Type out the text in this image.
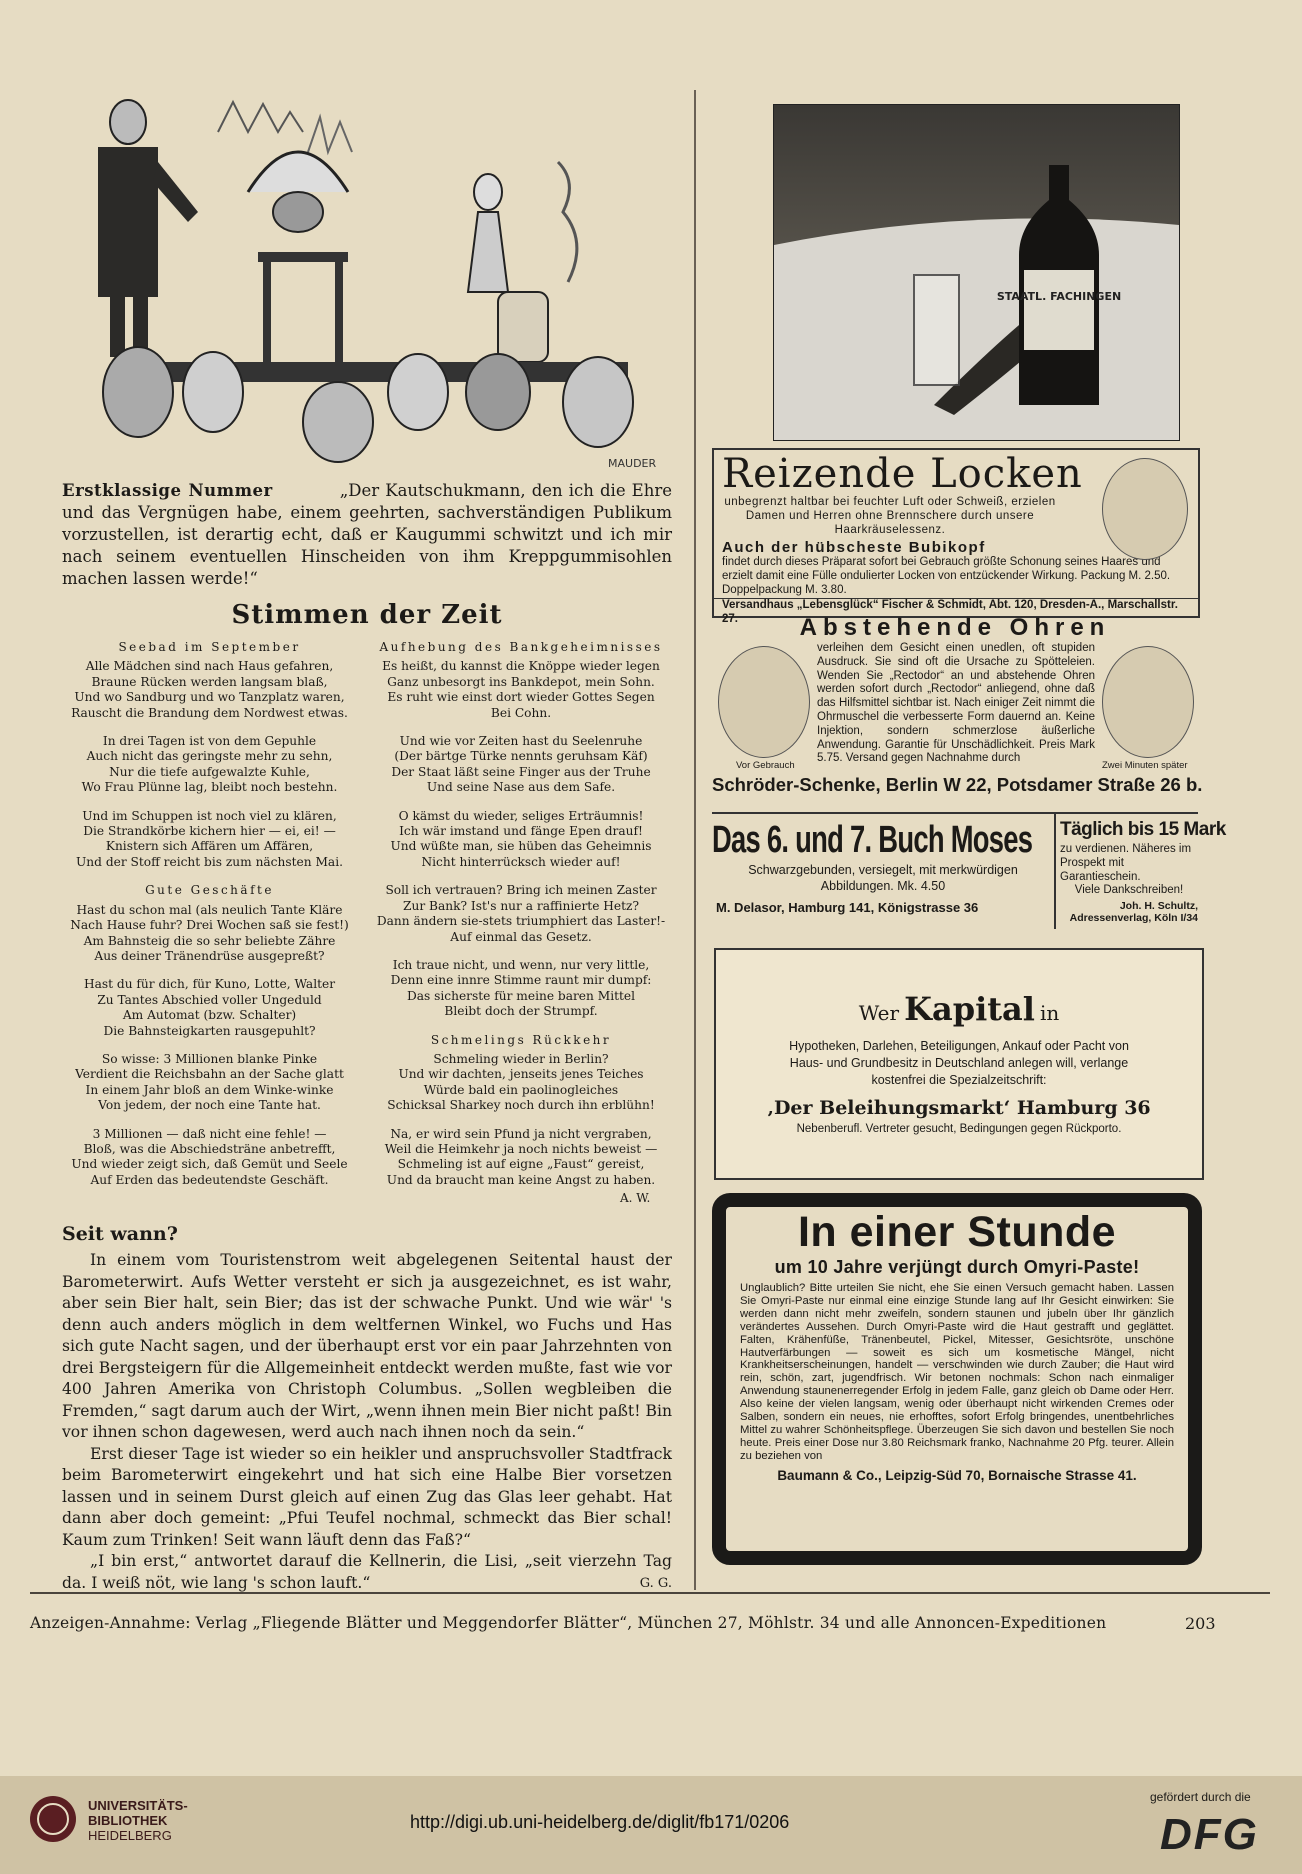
MAUDER
Erstklassige Nummer	„Der Kautschukmann, den ich die Ehre und das Vergnügen habe, einem geehrten, sachverständigen Publikum vorzustellen, ist derartig echt, daß er Kaugummi schwitzt und ich mir nach seinem eventuellen Hinscheiden von ihm Kreppgummisohlen machen lassen werde!“
Stimmen der Zeit
Seebad im September
Alle Mädchen sind nach Haus gefahren,
Braune Rücken werden langsam blaß,
Und wo Sandburg und wo Tanzplatz waren,
Rauscht die Brandung dem Nordwest etwas.
In drei Tagen ist von dem Gepuhle
Auch nicht das geringste mehr zu sehn,
Nur die tiefe aufgewalzte Kuhle,
Wo Frau Plünne lag, bleibt noch bestehn.
Und im Schuppen ist noch viel zu klären,
Die Strandkörbe kichern hier — ei, ei! —
Knistern sich Affären um Affären,
Und der Stoff reicht bis zum nächsten Mai.
Gute Geschäfte
Hast du schon mal (als neulich Tante Kläre
Nach Hause fuhr? Drei Wochen saß sie fest!)
Am Bahnsteig die so sehr beliebte Zähre
Aus deiner Tränendrüse ausgepreßt?
Hast du für dich, für Kuno, Lotte, Walter
Zu Tantes Abschied voller Ungeduld
Am Automat (bzw. Schalter)
Die Bahnsteigkarten rausgepuhlt?
So wisse: 3 Millionen blanke Pinke
Verdient die Reichsbahn an der Sache glatt
In einem Jahr bloß an dem Winke-winke
Von jedem, der noch eine Tante hat.
3 Millionen — daß nicht eine fehle! —
Bloß, was die Abschiedsträne anbetrefft,
Und wieder zeigt sich, daß Gemüt und Seele
Auf Erden das bedeutendste Geschäft.
Aufhebung des Bankgeheimnisses
Es heißt, du kannst die Knöppe wieder legen
Ganz unbesorgt ins Bankdepot, mein Sohn.
Es ruht wie einst dort wieder Gottes Segen
Bei Cohn.
Und wie vor Zeiten hast du Seelenruhe
(Der bärtge Türke nennts geruhsam Käf)
Der Staat läßt seine Finger aus der Truhe
Und seine Nase aus dem Safe.
O kämst du wieder, seliges Erträumnis!
Ich wär imstand und fänge Epen drauf!
Und wüßte man, sie hüben das Geheimnis
Nicht hinterrücksch wieder auf!
Soll ich vertrauen? Bring ich meinen Zaster
Zur Bank? Ist's nur a raffinierte Hetz?
Dann ändern sie-stets triumphiert das Laster!-
Auf einmal das Gesetz.
Ich traue nicht, und wenn, nur very little,
Denn eine innre Stimme raunt mir dumpf:
Das sicherste für meine baren Mittel
Bleibt doch der Strumpf.
Schmelings Rückkehr
Schmeling wieder in Berlin?
Und wir dachten, jenseits jenes Teiches
Würde bald ein paolinogleiches
Schicksal Sharkey noch durch ihn erblühn!
Na, er wird sein Pfund ja nicht vergraben,
Weil die Heimkehr ja noch nichts beweist —
Schmeling ist auf eigne „Faust“ gereist,
Und da braucht man keine Angst zu haben.
A. W.
Seit wann?

In einem vom Touristenstrom weit abgelegenen Seitental haust der Barometerwirt. Aufs Wetter versteht er sich ja ausgezeichnet, es ist wahr, aber sein Bier halt, sein Bier; das ist der schwache Punkt. Und wie wär' 's denn auch anders möglich in dem weltfernen Winkel, wo Fuchs und Has sich gute Nacht sagen, und der überhaupt erst vor ein paar Jahrzehnten von drei Bergsteigern für die Allgemeinheit entdeckt werden mußte, fast wie vor 400 Jahren Amerika von Christoph Columbus. „Sollen wegbleiben die Fremden,“ sagt darum auch der Wirt, „wenn ihnen mein Bier nicht paßt! Bin vor ihnen schon dagewesen, werd auch nach ihnen noch da sein.“

Erst dieser Tage ist wieder so ein heikler und anspruchsvoller Stadtfrack beim Barometerwirt eingekehrt und hat sich eine Halbe Bier vorsetzen lassen und in seinem Durst gleich auf einen Zug das Glas leer gehabt. Hat dann aber doch gemeint: „Pfui Teufel nochmal, schmeckt das Bier schal! Kaum zum Trinken! Seit wann läuft denn das Faß?“

„I bin erst,“ antwortet darauf die Kellnerin, die Lisi, „seit vierzehn Tag da. I weiß nöt, wie lang 's schon lauft.“	G. G.

STAATL. FACHINGEN
Reizende Locken
unbegrenzt haltbar bei feuchter Luft oder Schweiß, erzielen Damen und Herren ohne Brennschere durch unsere Haarkräuselessenz.
Auch der hübscheste Bubikopf
findet durch dieses Präparat sofort bei Gebrauch größte Schonung seines Haares und erzielt damit eine Fülle ondulierter Locken von entzückender Wirkung. Packung M. 2.50. Doppelpackung M. 3.80.
Versandhaus „Lebensglück“ Fischer & Schmidt, Abt. 120, Dresden-A., Marschallstr. 27.	Abstehende Ohren
verleihen dem Gesicht einen unedlen, oft stupiden Ausdruck. Sie sind oft die Ursache zu Spötteleien. Wenden Sie „Rectodor“ an und abstehende Ohren werden sofort durch „Rectodor“ anliegend, ohne daß das Hilfsmittel sichtbar ist. Nach einiger Zeit nimmt die Ohrmuschel die verbesserte Form dauernd an. Keine Injektion, sondern schmerzlose äußerliche Anwendung. Garantie für Unschädlichkeit. Preis Mark 5.75. Versand gegen Nachnahme durch
Vor Gebrauch	Zwei Minuten später
Schröder-Schenke, Berlin W 22, Potsdamer Straße 26 b.
Das 6. und 7. Buch Moses
Schwarzgebunden, versiegelt, mit merkwürdigen Abbildungen. Mk. 4.50
M. Delasor, Hamburg 141, Königstrasse 36
Täglich bis 15 Mark
zu verdienen. Näheres im Prospekt mit Garantieschein.
Viele Dankschreiben!
Joh. H. Schultz, Adressenverlag, Köln I/34
Wer Kapital in
Hypotheken, Darlehen, Beteiligungen, Ankauf oder Pacht von Haus- und Grundbesitz in Deutschland anlegen will, verlange kostenfrei die Spezialzeitschrift:
‚Der Beleihungsmarkt‘ Hamburg 36
Nebenberufl. Vertreter gesucht, Bedingungen gegen Rückporto.
In einer Stunde
um 10 Jahre verjüngt durch Omyri-Paste!
Unglaublich? Bitte urteilen Sie nicht, ehe Sie einen Versuch gemacht haben. Lassen Sie Omyri-Paste nur einmal eine einzige Stunde lang auf Ihr Gesicht einwirken: Sie werden dann nicht mehr zweifeln, sondern staunen und jubeln über Ihr gänzlich verändertes Aussehen. Durch Omyri-Paste wird die Haut gestrafft und geglättet. Falten, Krähenfüße, Tränenbeutel, Pickel, Mitesser, Gesichtsröte, unschöne Hautverfärbungen — soweit es sich um kosmetische Mängel, nicht Krankheitserscheinungen, handelt — verschwinden wie durch Zauber; die Haut wird rein, schön, zart, jugendfrisch. Wir betonen nochmals: Schon nach einmaliger Anwendung staunenerregender Erfolg in jedem Falle, ganz gleich ob Dame oder Herr. Also keine der vielen langsam, wenig oder überhaupt nicht wirkenden Cremes oder Salben, sondern ein neues, nie erhofftes, sofort Erfolg bringendes, unentbehrliches Mittel zu wahrer Schönheitspflege. Überzeugen Sie sich davon und bestellen Sie noch heute. Preis einer Dose nur 3.80 Reichsmark franko, Nachnahme 20 Pfg. teurer. Allein zu beziehen von
Baumann & Co., Leipzig-Süd 70, Bornaische Strasse 41.
Anzeigen-Annahme: Verlag „Fliegende Blätter und Meggendorfer Blätter“, München 27, Möhlstr. 34 und alle Annoncen-Expeditionen	203
UNIVERSITÄTS-
BIBLIOTHEK
HEIDELBERG
http://digi.ub.uni-heidelberg.de/diglit/fb171/0206
gefördert durch die
DFG
